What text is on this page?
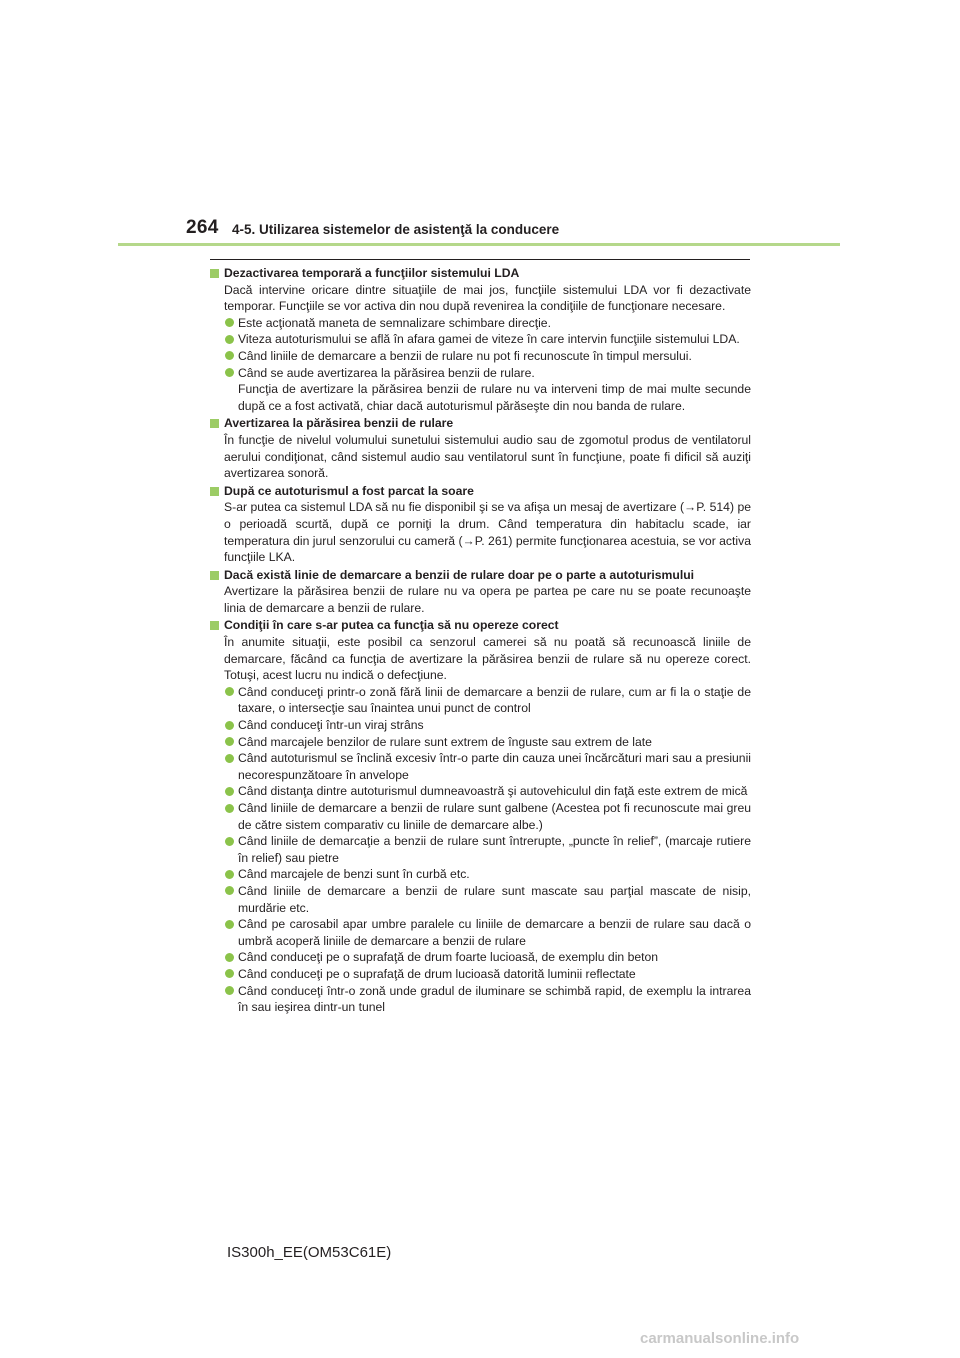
264 4-5. Utilizarea sistemelor de asistenţă la conducere
Dezactivarea temporară a funcţiilor sistemului LDA
Dacă intervine oricare dintre situaţiile de mai jos, funcţiile sistemului LDA vor fi dezactivate temporar. Funcţiile se vor activa din nou după revenirea la condiţiile de funcţionare necesare.
Este acţionată maneta de semnalizare schimbare direcţie.
Viteza autoturismului se află în afara gamei de viteze în care intervin funcţiile sistemului LDA.
Când liniile de demarcare a benzii de rulare nu pot fi recunoscute în timpul mersului.
Când se aude avertizarea la părăsirea benzii de rulare.
Funcţia de avertizare la părăsirea benzii de rulare nu va interveni timp de mai multe secunde după ce a fost activată, chiar dacă autoturismul părăseşte din nou banda de rulare.
Avertizarea la părăsirea benzii de rulare
În funcţie de nivelul volumului sunetului sistemului audio sau de zgomotul produs de ventilatorul aerului condiţionat, când sistemul audio sau ventilatorul sunt în funcţiune, poate fi dificil să auziţi avertizarea sonoră.
După ce autoturismul a fost parcat la soare
S-ar putea ca sistemul LDA să nu fie disponibil şi se va afişa un mesaj de avertizare (→P. 514) pe o perioadă scurtă, după ce porniţi la drum. Când temperatura din habitaclu scade, iar temperatura din jurul senzorului cu cameră (→P. 261) permite funcţionarea acestuia, se vor activa funcţiile LKA.
Dacă există linie de demarcare a benzii de rulare doar pe o parte a autoturismului
Avertizare la părăsirea benzii de rulare nu va opera pe partea pe care nu se poate recunoaşte linia de demarcare a benzii de rulare.
Condiţii în care s-ar putea ca funcţia să nu opereze corect
În anumite situaţii, este posibil ca senzorul camerei să nu poată să recunoască liniile de demarcare, făcând ca funcţia de avertizare la părăsirea benzii de rulare să nu opereze corect. Totuşi, acest lucru nu indică o defecţiune.
Când conduceţi printr-o zonă fără linii de demarcare a benzii de rulare, cum ar fi la o staţie de taxare, o intersecţie sau înaintea unui punct de control
Când conduceţi într-un viraj strâns
Când marcajele benzilor de rulare sunt extrem de înguste sau extrem de late
Când autoturismul se înclină excesiv într-o parte din cauza unei încărcături mari sau a presiunii necorespunzătoare în anvelope
Când distanţa dintre autoturismul dumneavoastră şi autovehiculul din faţă este extrem de mică
Când liniile de demarcare a benzii de rulare sunt galbene (Acestea pot fi recunoscute mai greu de către sistem comparativ cu liniile de demarcare albe.)
Când liniile de demarcaţie a benzii de rulare sunt întrerupte, „puncte în relief”, (marcaje rutiere în relief) sau pietre
Când marcajele de benzi sunt în curbă etc.
Când liniile de demarcare a benzii de rulare sunt mascate sau parţial mascate de nisip, murdărie etc.
Când pe carosabil apar umbre paralele cu liniile de demarcare a benzii de rulare sau dacă o umbră acoperă liniile de demarcare a benzii de rulare
Când conduceţi pe o suprafaţă de drum foarte lucioasă, de exemplu din beton
Când conduceţi pe o suprafaţă de drum lucioasă datorită luminii reflectate
Când conduceţi într-o zonă unde gradul de iluminare se schimbă rapid, de exemplu la intrarea în sau ieşirea dintr-un tunel
IS300h_EE(OM53C61E)
carmanualsonline.info
